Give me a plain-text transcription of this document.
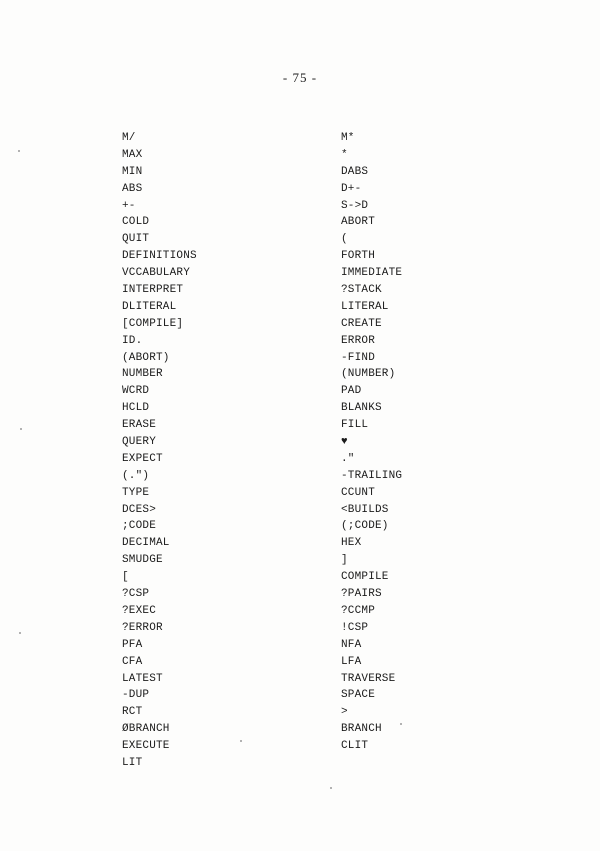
- 75 -
M/
MAX
MIN
ABS
+-
COLD
QUIT
DEFINITIONS
VCCABULARY
INTERPRET
DLITERAL
[COMPILE]
ID.
(ABORT)
NUMBER
WCRD
HCLD
ERASE
QUERY
EXPECT
(.")
TYPE
DCES>
;CODE
DECIMAL
SMUDGE
[
?CSP
?EXEC
?ERROR
PFA
CFA
LATEST
-DUP
RCT
ØBRANCH
EXECUTE
LIT
M*
*
DABS
D+-
S->D
ABORT
(
FORTH
IMMEDIATE
?STACK
LITERAL
CREATE
ERROR
-FIND
(NUMBER)
PAD
BLANKS
FILL
♥
."
-TRAILING
CCUNT
<BUILDS
(;CODE)
HEX
]
COMPILE
?PAIRS
?CCMP
!CSP
NFA
LFA
TRAVERSE
SPACE
>
BRANCH
CLIT
